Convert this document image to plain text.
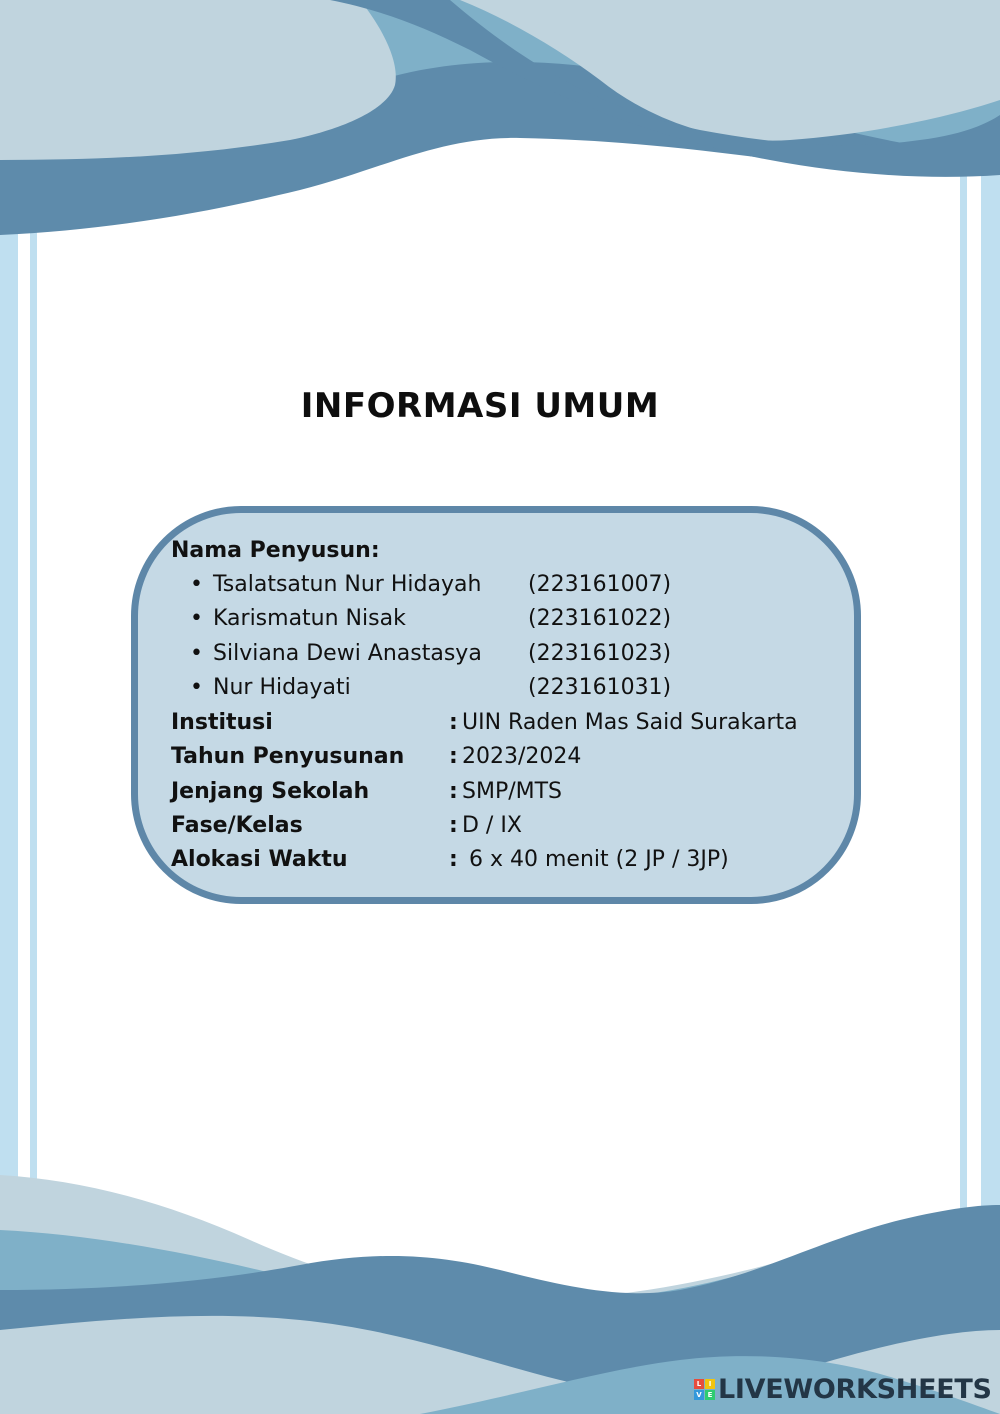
INFORMASI UMUM
Nama Penyusun:
• Tsalatsatun Nur Hidayah (223161007)
• Karismatun Nisak	(223161022)
• Silviana Dewi Anastasya (223161023)
• Nur Hidayati	(223161031)
Institusi	: UIN Raden Mas Said Surakarta
Tahun Penyusunan : 2023/2024
Jenjang Sekolah	: SMP/MTS
Fase/Kelas	: D / IX
Alokasi Waktu	: 6 x 40 menit (2 JP / 3JP)
L	I
V E LIVEWORKSHEETS
